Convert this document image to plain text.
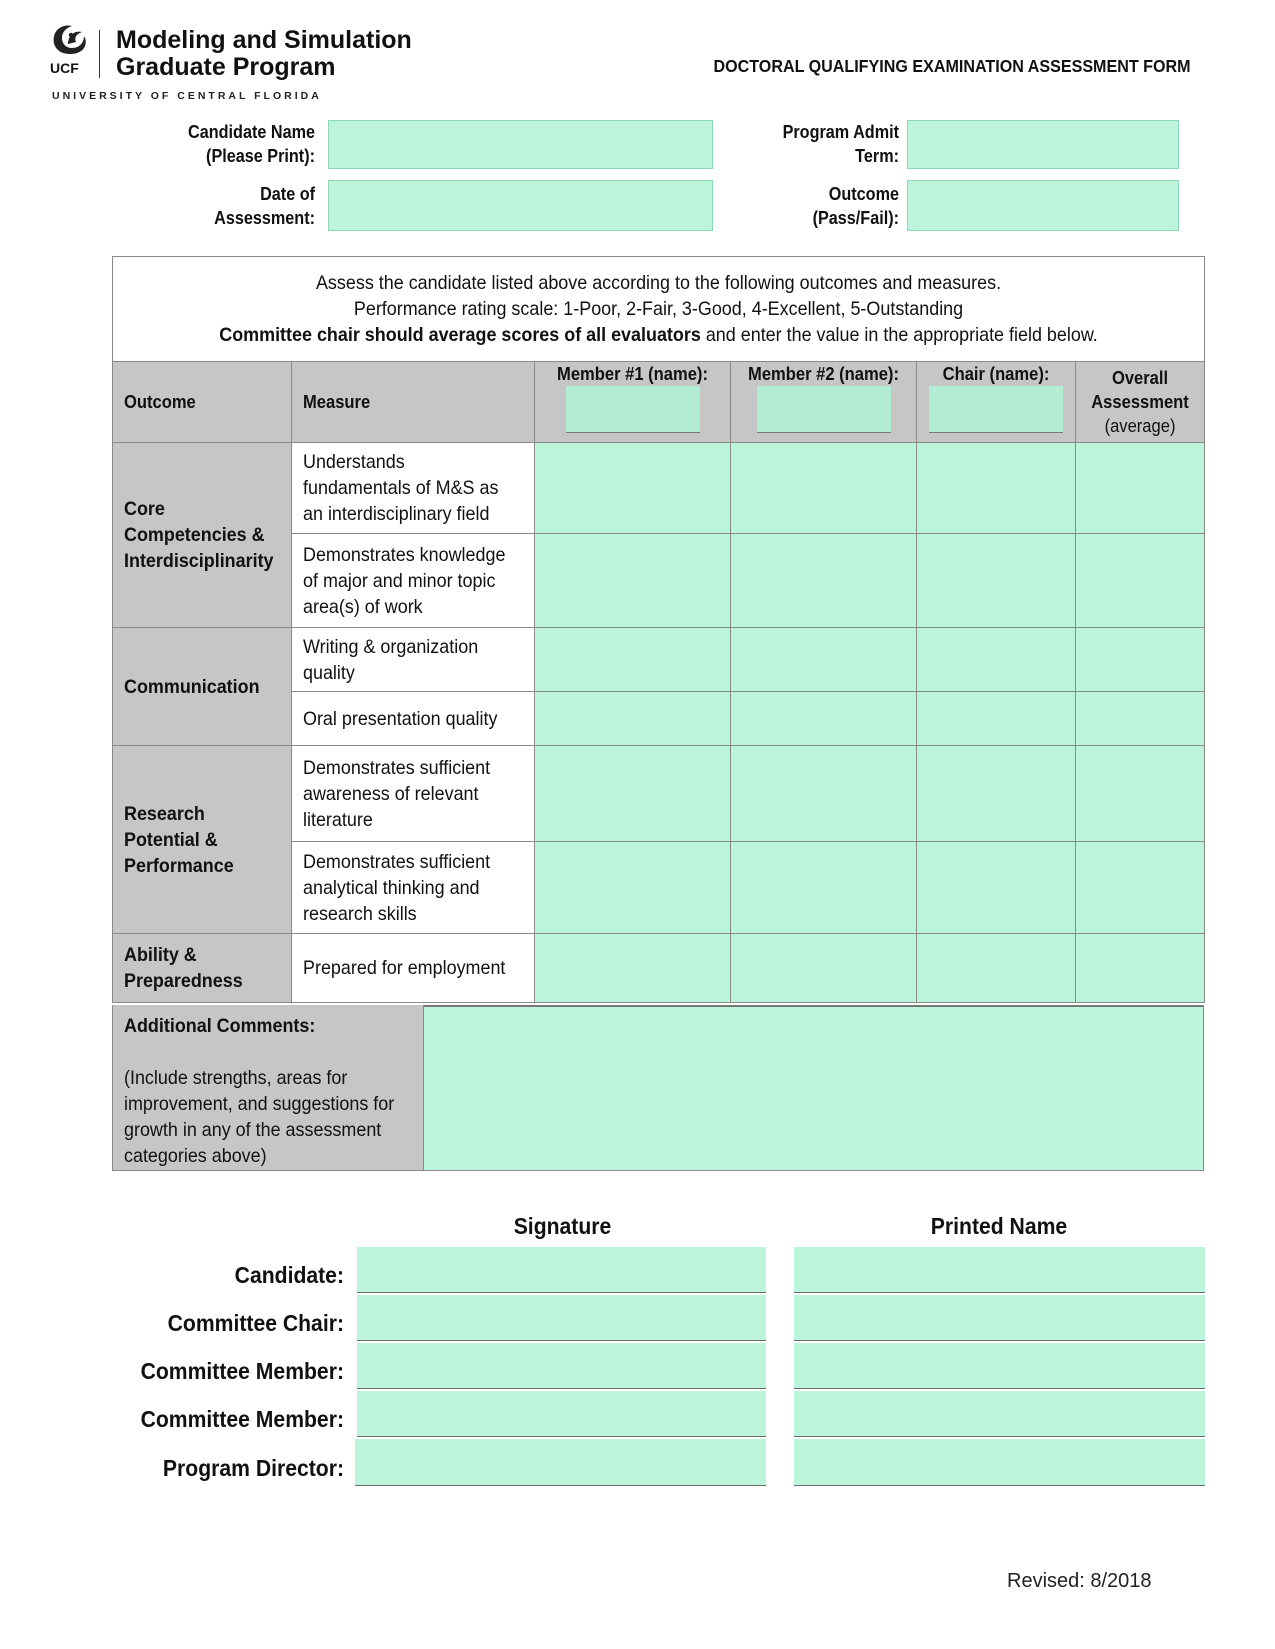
UCF
Modeling and Simulation
Graduate Program
UNIVERSITY OF CENTRAL FLORIDA
DOCTORAL QUALIFYING EXAMINATION ASSESSMENT FORM
Candidate Name
(Please Print):
Date of
Assessment:
Program Admit
Term:
Outcome
(Pass/Fail):
Assess the candidate listed above according to the following outcomes and measures.
Performance rating scale: 1-Poor, 2-Fair, 3-Good, 4-Excellent, 5-Outstanding
Committee chair should average scores of all evaluators and enter the value in the appropriate field below.					

Outcome	Measure	Member #1 (name):	Member #2 (name):	Chair (name):	Overall
Assessment
(average)

Core Competencies & Interdisciplinarity	Understands fundamentals of M&S as an interdisciplinary field				
	Demonstrates knowledge of major and minor topic area(s) of work				
Communication	Writing & organization quality				
	Oral presentation quality				
Research Potential & Performance	Demonstrates sufficient awareness of relevant literature				
	Demonstrates sufficient analytical thinking and research skills				
Ability & Preparedness	Prepared for employment				
Additional Comments:
(Include strengths, areas for improvement, and suggestions for growth in any of the assessment categories above)
Signature	Printed Name
Candidate:
Committee Chair:
Committee Member:
Committee Member:
Program Director:
Revised: 8/2018
